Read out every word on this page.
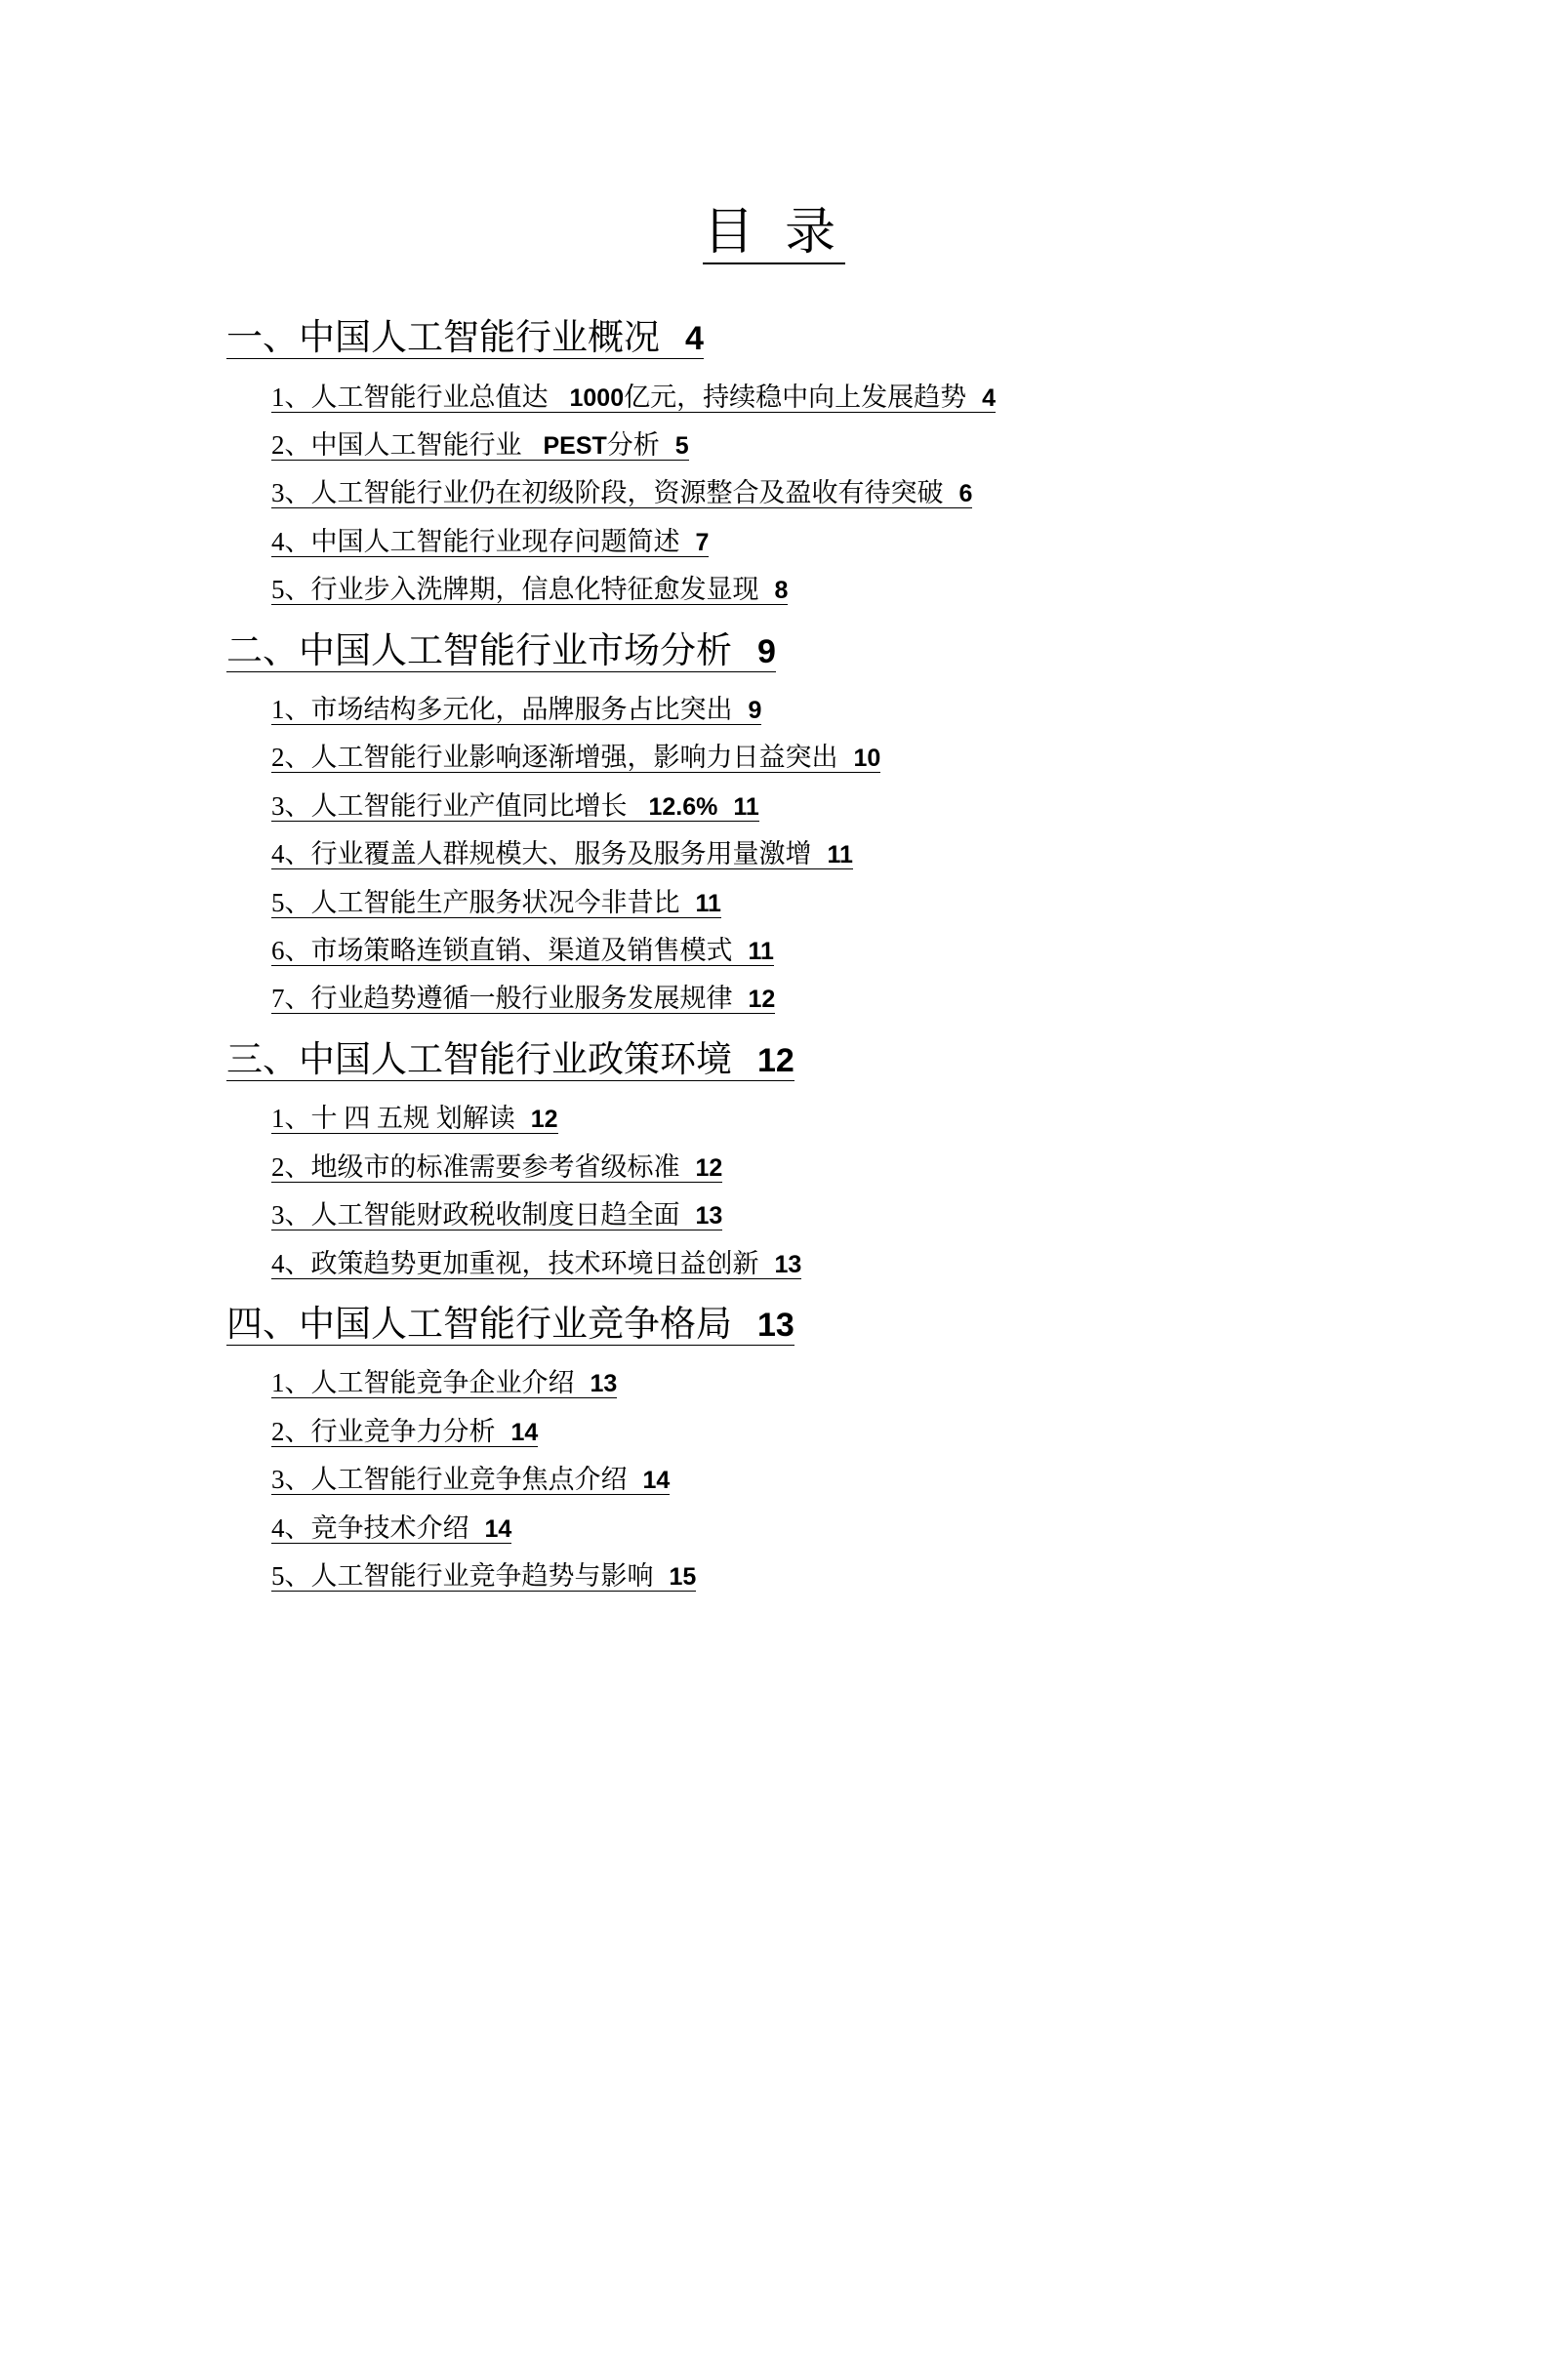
目 录
一、中国人工智能行业概况 4
1、人工智能行业总值达 1000亿元，持续稳中向上发展趋势 4
2、中国人工智能行业 PEST分析 5
3、人工智能行业仍在初级阶段，资源整合及盈收有待突破 6
4、中国人工智能行业现存问题简述 7
5、行业步入洗牌期，信息化特征愈发显现 8
二、中国人工智能行业市场分析 9
1、市场结构多元化，品牌服务占比突出 9
2、人工智能行业影响逐渐增强，影响力日益突出 10
3、人工智能行业产值同比增长 12.6% 11
4、行业覆盖人群规模大、服务及服务用量激增 11
5、人工智能生产服务状况今非昔比 11
6、市场策略连锁直销、渠道及销售模式 11
7、行业趋势遵循一般行业服务发展规律 12
三、中国人工智能行业政策环境 12
1、十 四 五规 划解读 12
2、地级市的标准需要参考省级标准 12
3、人工智能财政税收制度日趋全面 13
4、政策趋势更加重视，技术环境日益创新 13
四、中国人工智能行业竞争格局 13
1、人工智能竞争企业介绍 13
2、行业竞争力分析 14
3、人工智能行业竞争焦点介绍 14
4、竞争技术介绍 14
5、人工智能行业竞争趋势与影响 15
